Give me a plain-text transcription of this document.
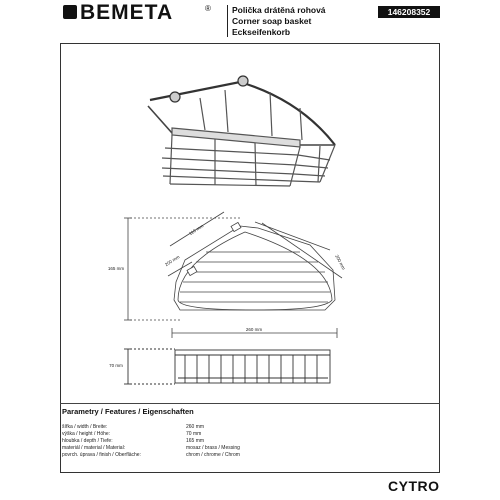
BEMETA	® Polička drátěná rohová
Corner soap basket
Eckseifenkorb
146208352
260 mm
165 mm
70 mm
110 mm
200 mm	200 mm
Parametry / Features / Eigenschaften
šířka / width / Breite:	260 mm
výška / height / Höhe:	70 mm
hloubka / depth / Tiefe:	165 mm
materiál / material / Material:	mosaz / brass / Messing
povrch. úprava / finish / Oberfläche:	chrom / chrome / Chrom
CYTRO
